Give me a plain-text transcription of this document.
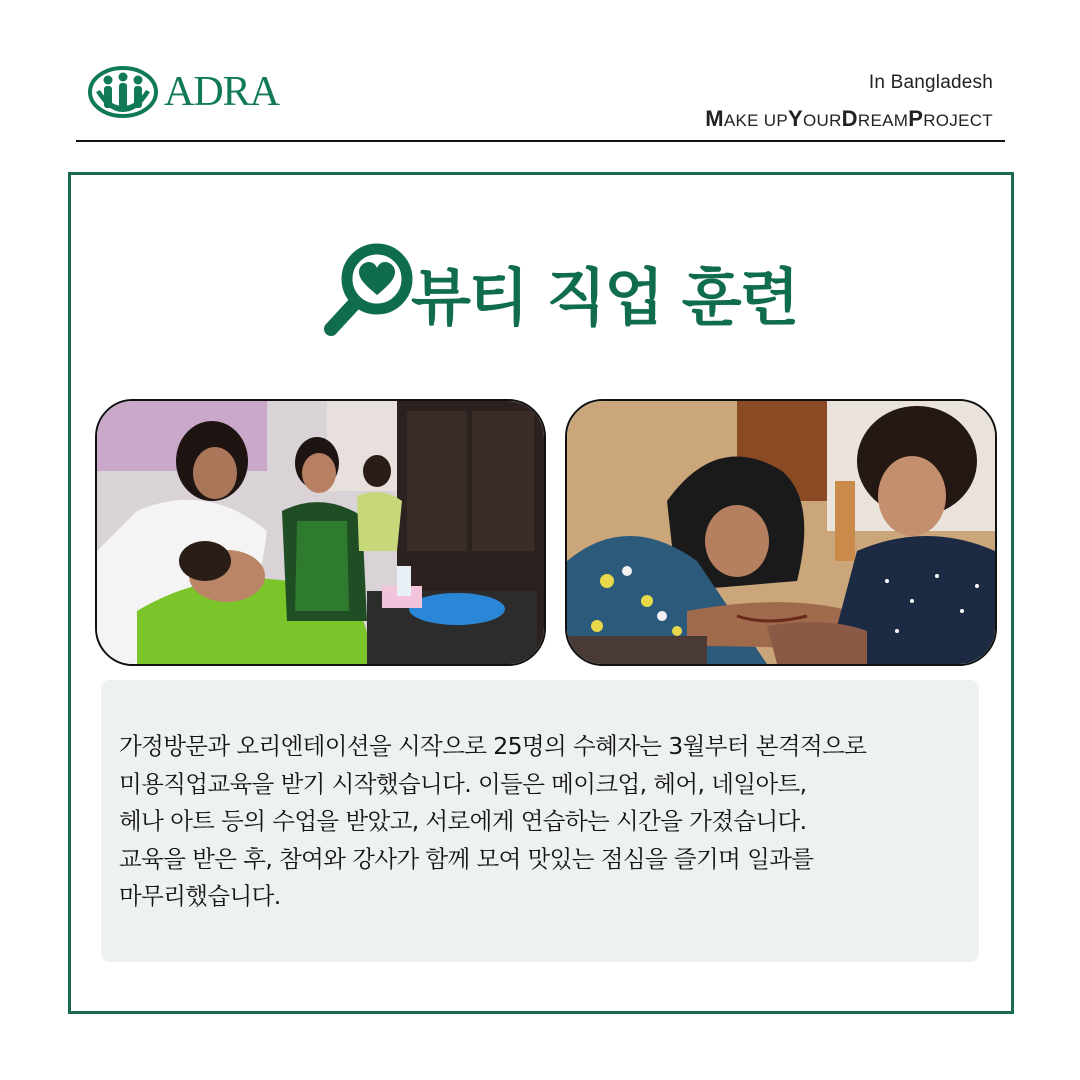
ADRA	In Bangladesh
MAKE UPYOURDREAMPROJECT
뷰티 직업 훈련
가정방문과 오리엔테이션을 시작으로 25명의 수혜자는 3월부터 본격적으로
미용직업교육을 받기 시작했습니다. 이들은 메이크업, 헤어, 네일아트,
헤나 아트 등의 수업을 받았고, 서로에게 연습하는 시간을 가졌습니다.
교육을 받은 후, 참여와 강사가 함께 모여 맛있는 점심을 즐기며 일과를
마무리했습니다.
